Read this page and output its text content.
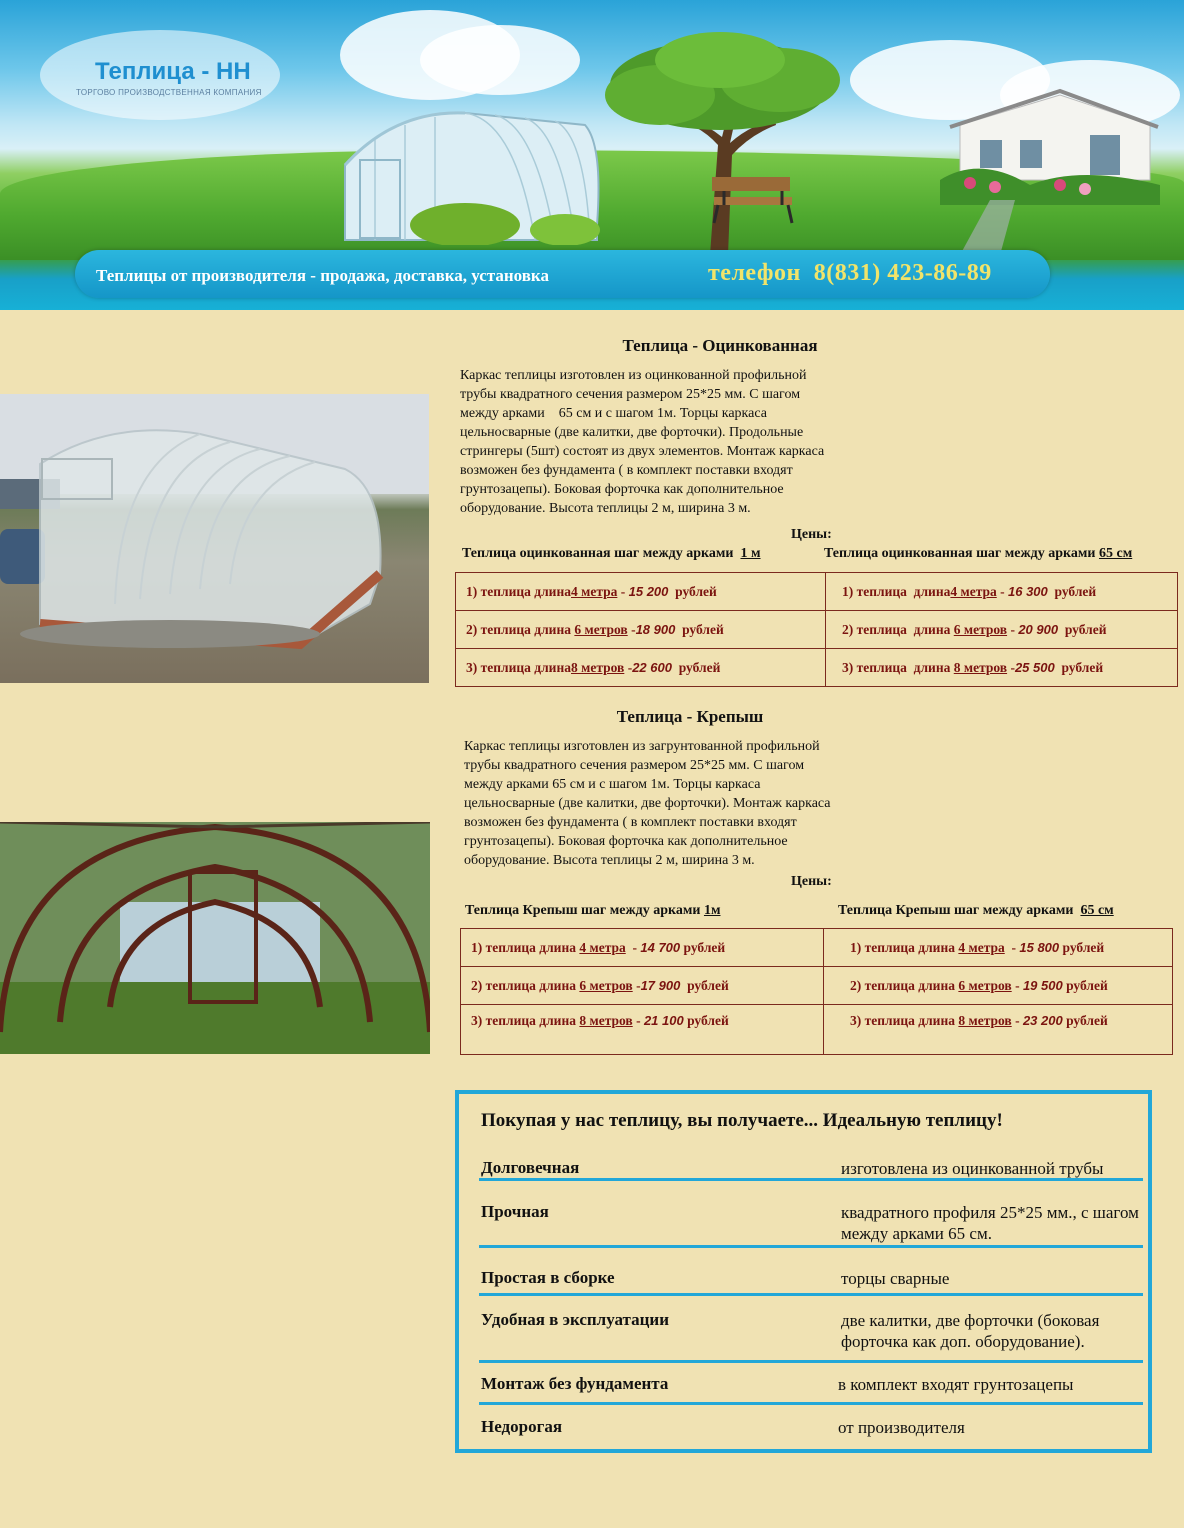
Теплица - НН
ТОРГОВО ПРОИЗВОДСТВЕННАЯ КОМПАНИЯ
Теплицы от производителя - продажа, доставка, установка	телефон 8(831) 423-86-89
Теплица - Оцинкованная
Каркас теплицы изготовлен из оцинкованной профильной
трубы квадратного сечения размером 25*25 мм. С шагом
между арками    65 см и с шагом 1м. Торцы каркаса
цельносварные (две калитки, две форточки). Продольные
стрингеры (5шт) состоят из двух элементов. Монтаж каркаса
возможен без фундамента ( в комплект поставки входят
грунтозацепы). Боковая форточка как дополнительное
оборудование. Высота теплицы 2 м, ширина 3 м.
Цены:
Теплица оцинкованная шаг между арками 1 м	Теплица оцинкованная шаг между арками 65 см
1) теплица длина4 метра - 15 200 рублей	1) теплица  длина4 метра - 16 300 рублей
2) теплица длина 6 метров -18 900 рублей	2) теплица  длина 6 метров - 20 900 рублей
3) теплица длина8 метров -22 600 рублей	3) теплица  длина 8 метров -25 500 рублей
Теплица - Крепыш
Каркас теплицы изготовлен из загрунтованной профильной
трубы квадратного сечения размером 25*25 мм. С шагом
между арками 65 см и с шагом 1м. Торцы каркаса
цельносварные (две калитки, две форточки). Монтаж каркаса
возможен без фундамента ( в комплект поставки входят
грунтозацепы). Боковая форточка как дополнительное
оборудование. Высота теплицы 2 м, ширина 3 м.
Цены:
Теплица Крепыш шаг между арками 1м	Теплица Крепыш шаг между арками 65 см
1) теплица длина 4 метра  - 14 700 рублей	1) теплица длина 4 метра  - 15 800 рублей
2) теплица длина 6 метров -17 900 рублей	2) теплица длина 6 метров - 19 500 рублей
3) теплица длина 8 метров - 21 100 рублей	3) теплица длина 8 метров - 23 200 рублей
Покупая у нас теплицу, вы получаете... Идеальную теплицу!
Долговечная	изготовлена из оцинкованной трубы
Прочная	квадратного профиля 25*25 мм., с шагом между арками 65 см.
Простая в сборке	торцы сварные
Удобная в эксплуатации	две калитки, две форточки (боковая форточка как доп. оборудование).
Монтаж без фундамента	в комплект входят грунтозацепы
Недорогая	от производителя
